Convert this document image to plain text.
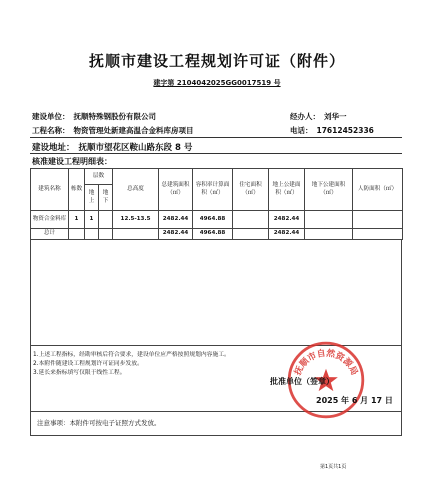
抚顺市建设工程规划许可证（附件）
建字第 2104042025GG0017519 号
建设单位： 抚顺特殊钢股份有限公司	经办人： 刘华一
工程名称： 物资管理处新建高温合金料库房项目	电话： 17612452336
建设地址： 抚顺市望花区鞍山路东段 8 号
核准建设工程明细表：
建筑名称	栋数	层数		总高度	总建筑面积（㎡）	容积率计算面积（㎡）	住宅面积（㎡）	地上公建面积（㎡）	地下公建面积（㎡）	人防面积（㎡）
		地上	地下							
物资合金料库	1	1		12.5-13.5	2482.44	4964.88		2482.44		
总计					2482.44	4964.88		2482.44		
1.上述工程指标，经勘审核后符合要求，建设单位应严格按照规划内容施工。
2.本附件随建设工程规划许可证同步发放。
3.延长来指标填写仅限于线性工程。	抚顺市自然资源局
批准单位（签章）
2025 年 6 月 17 日
注意事项：本附件可按电子证照方式发放。
第1页共1页
